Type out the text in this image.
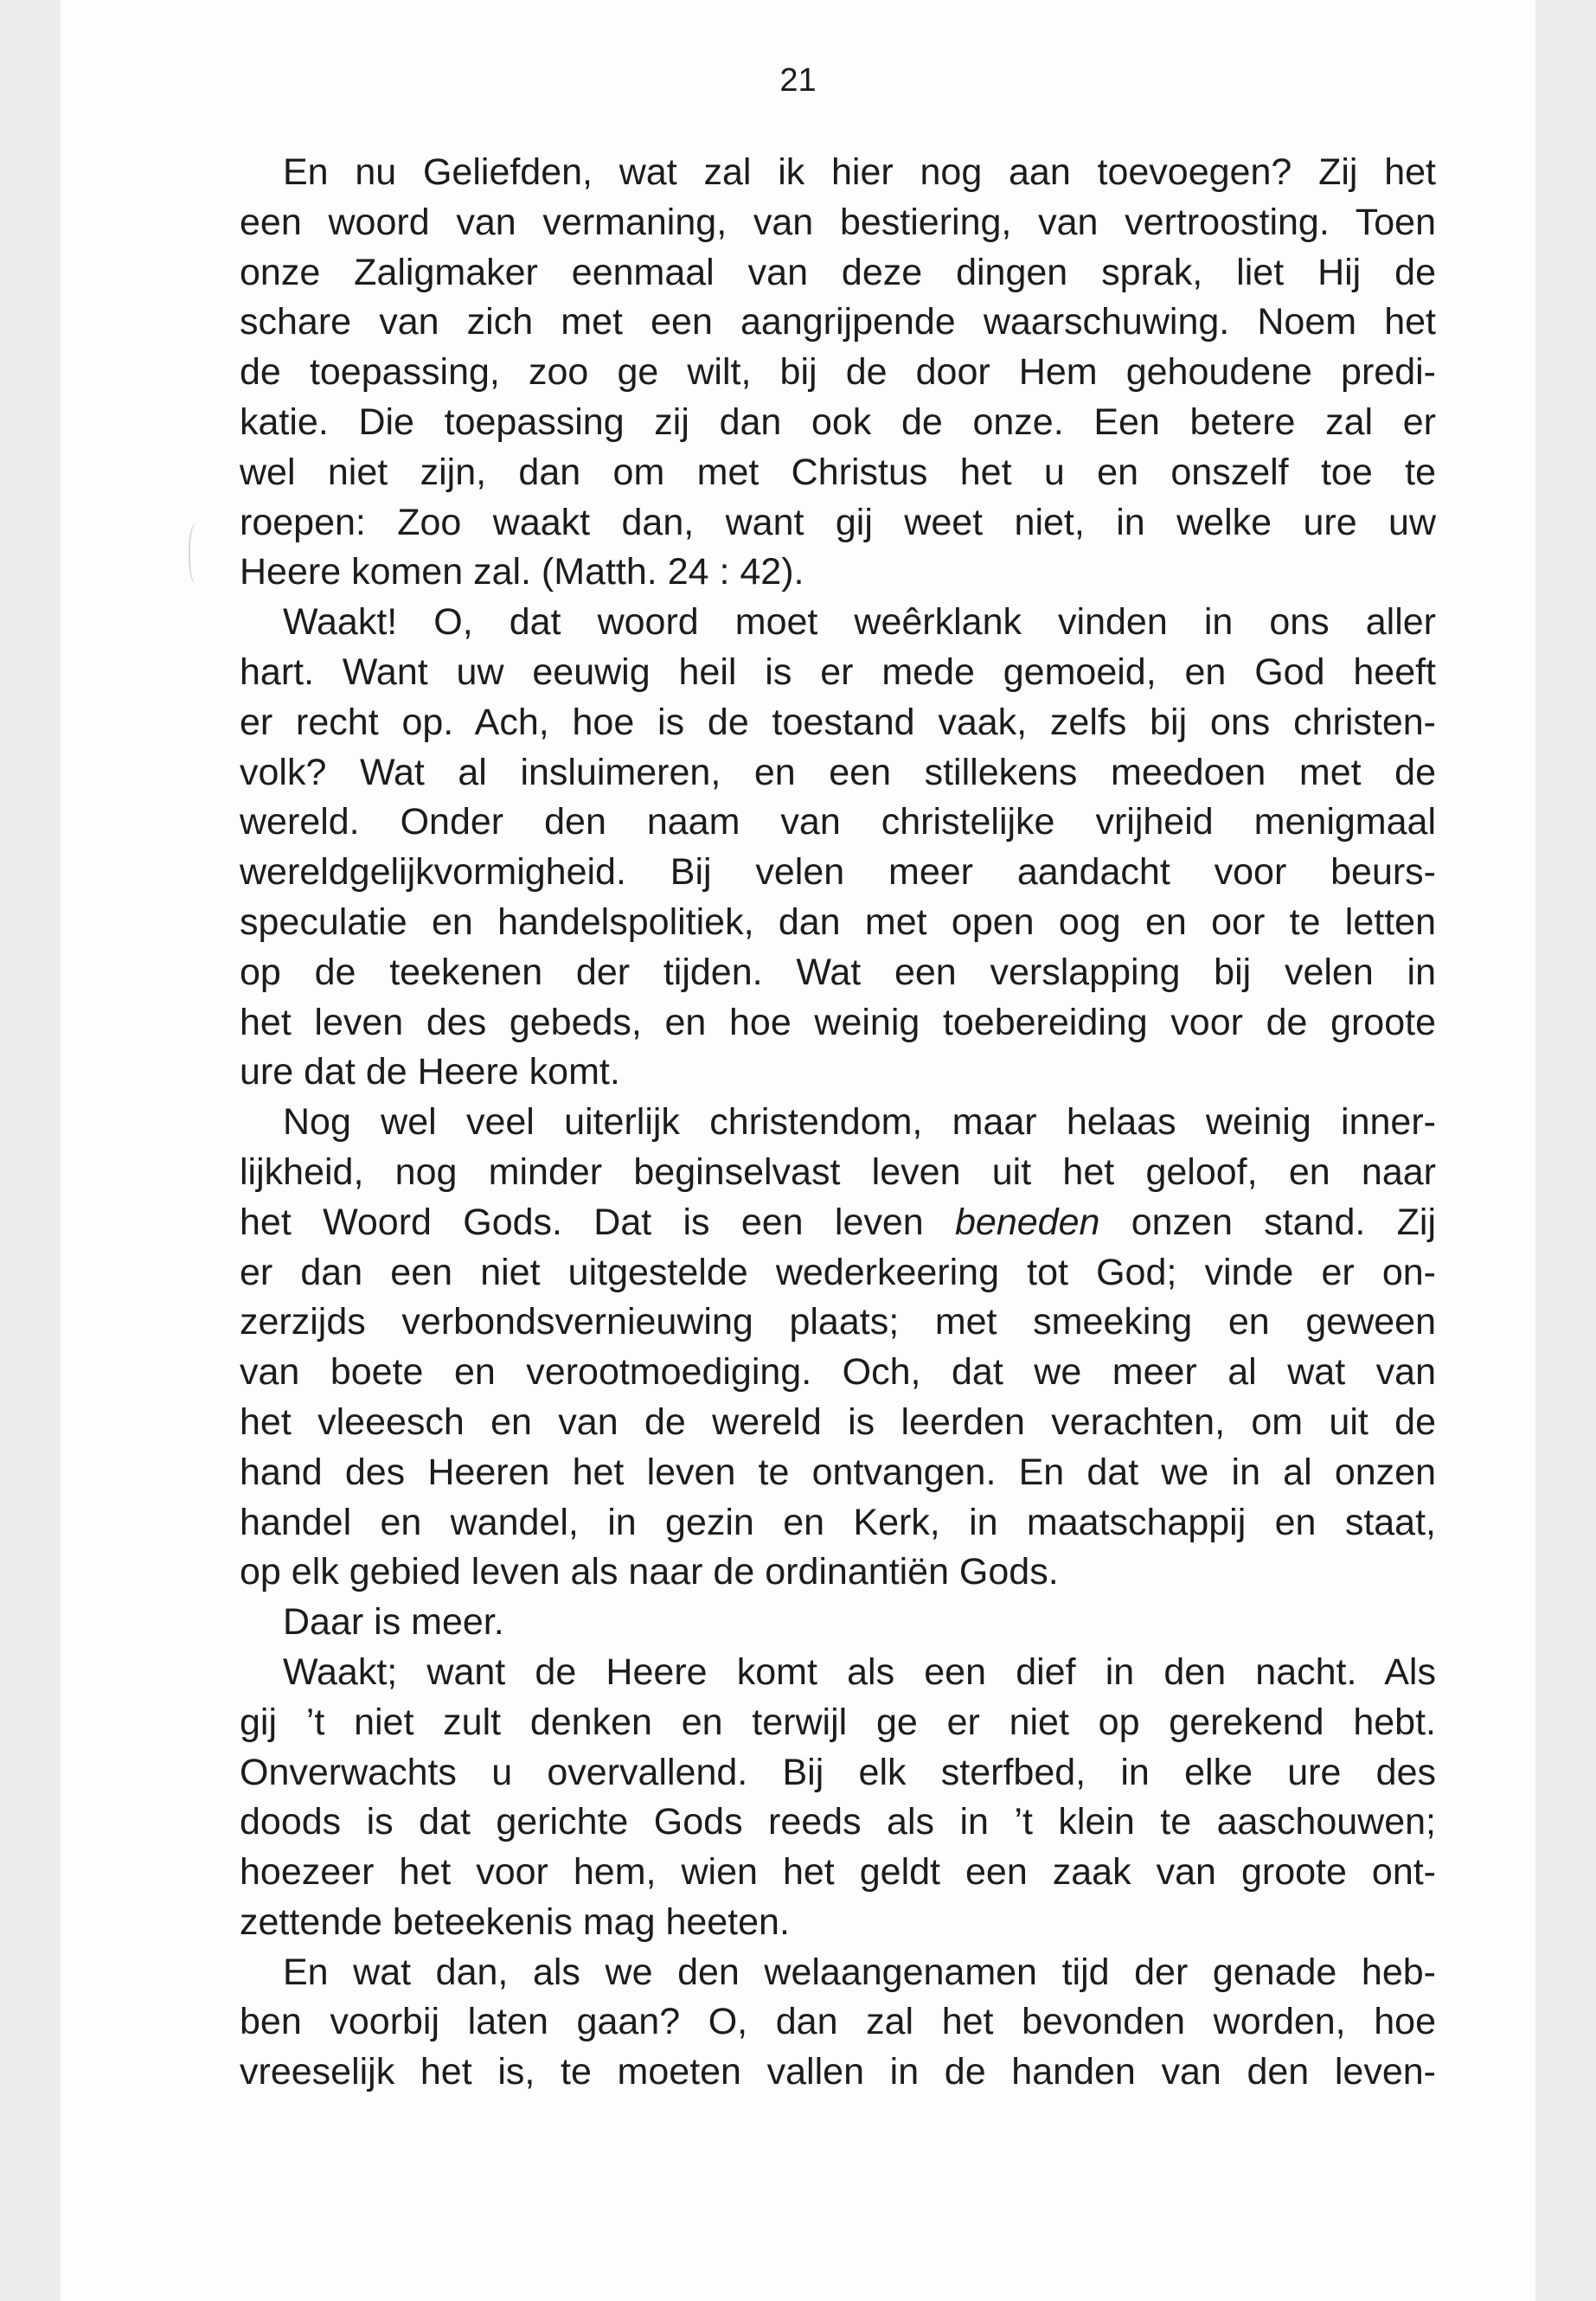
21
En nu Geliefden, wat zal ik hier nog aan toevoegen? Zij het
een woord van vermaning, van bestiering, van vertroosting. Toen
onze Zaligmaker eenmaal van deze dingen sprak, liet Hij de
schare van zich met een aangrijpende waarschuwing. Noem het
de toepassing, zoo ge wilt, bij de door Hem gehoudene predi-
katie. Die toepassing zij dan ook de onze. Een betere zal er
wel niet zijn, dan om met Christus het u en onszelf toe te
roepen: Zoo waakt dan, want gij weet niet, in welke ure uw
Heere komen zal. (Matth. 24 : 42).
Waakt! O, dat woord moet weêrklank vinden in ons aller
hart. Want uw eeuwig heil is er mede gemoeid, en God heeft
er recht op. Ach, hoe is de toestand vaak, zelfs bij ons christen-
volk? Wat al insluimeren, en een stillekens meedoen met de
wereld. Onder den naam van christelijke vrijheid menigmaal
wereldgelijkvormigheid. Bij velen meer aandacht voor beurs-
speculatie en handelspolitiek, dan met open oog en oor te letten
op de teekenen der tijden. Wat een verslapping bij velen in
het leven des gebeds, en hoe weinig toebereiding voor de groote
ure dat de Heere komt.
Nog wel veel uiterlijk christendom, maar helaas weinig inner-
lijkheid, nog minder beginselvast leven uit het geloof, en naar
het Woord Gods. Dat is een leven beneden onzen stand. Zij
er dan een niet uitgestelde wederkeering tot God; vinde er on-
zerzijds verbondsvernieuwing plaats; met smeeking en geween
van boete en verootmoediging. Och, dat we meer al wat van
het vleeesch en van de wereld is leerden verachten, om uit de
hand des Heeren het leven te ontvangen. En dat we in al onzen
handel en wandel, in gezin en Kerk, in maatschappij en staat,
op elk gebied leven als naar de ordinantiën Gods.
Daar is meer.
Waakt; want de Heere komt als een dief in den nacht. Als
gij ’t niet zult denken en terwijl ge er niet op gerekend hebt.
Onverwachts u overvallend. Bij elk sterfbed, in elke ure des
doods is dat gerichte Gods reeds als in ’t klein te aaschouwen;
hoezeer het voor hem, wien het geldt een zaak van groote ont-
zettende beteekenis mag heeten.
En wat dan, als we den welaangenamen tijd der genade heb-
ben voorbij laten gaan? O, dan zal het bevonden worden, hoe
vreeselijk het is, te moeten vallen in de handen van den leven-
